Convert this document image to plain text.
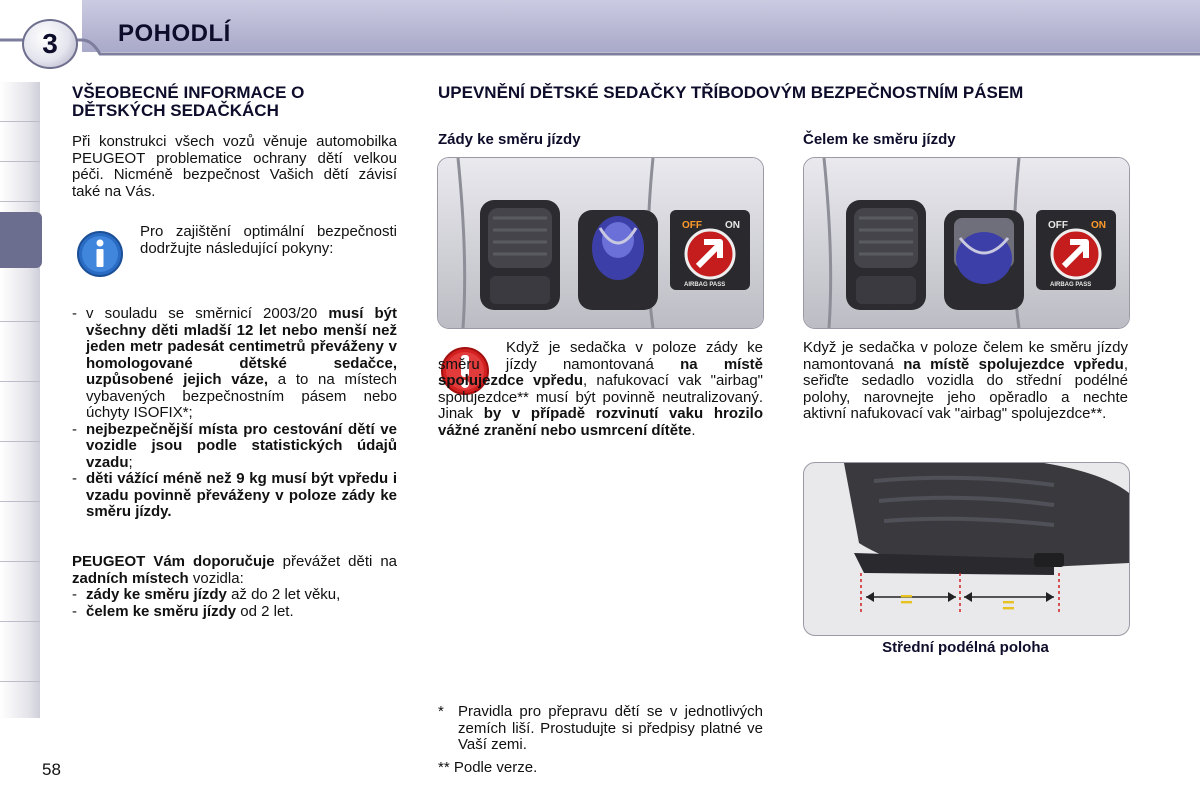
POHODLÍ
3
VŠEOBECNÉ INFORMACE O DĚTSKÝCH SEDAČKÁCH
Při konstrukci všech vozů věnuje automobilka PEUGEOT problematice ochrany dětí velkou péči. Nicméně bezpečnost Vašich dětí závisí také na Vás.
Pro zajištění optimální bezpečnosti dodržujte následující pokyny:
- v souladu se směrnicí 2003/20 musí být všechny děti mladší 12 let nebo menší než jeden metr padesát centimetrů převáženy v homologované dětské sedačce, uzpůsobené jejich váze, a to na místech vybavených bezpečnostním pásem nebo úchyty ISOFIX*;
- nejbezpečnější místa pro cestování dětí ve vozidle jsou podle statistických údajů vzadu;
- děti vážící méně než 9 kg musí být vpředu i vzadu povinně převáženy v poloze zády ke směru jízdy.
PEUGEOT Vám doporučuje převážet děti na zadních místech vozidla:
- zády ke směru jízdy až do 2 let věku,
- čelem ke směru jízdy od 2 let.
UPEVNĚNÍ DĚTSKÉ SEDAČKY TŘÍBODOVÝM BEZPEČNOSTNÍM PÁSEM
Zády ke směru jízdy
OFF ON
AIRBAG PASS
Když je sedačka v poloze zády ke směru jízdy namontovaná na místě spolujezdce vpředu, nafukovací vak "airbag" spolujezdce** musí být povinně neutralizovaný. Jinak by v případě rozvinutí vaku hrozilo vážné zranění nebo usmrcení dítěte.
* Pravidla pro přepravu dětí se v jednotlivých zemích liší. Prostudujte si předpisy platné ve Vaší zemi.
** Podle verze.
Čelem ke směru jízdy
OFF ON
AIRBAG PASS
Když je sedačka v poloze čelem ke směru jízdy namontovaná na místě spolujezdce vpředu, seřiďte sedadlo vozidla do střední podélné polohy, narovnejte jeho opěradlo a nechte aktivní nafukovací vak "airbag" spolujezdce**.
=	=
Střední podélná poloha
58
